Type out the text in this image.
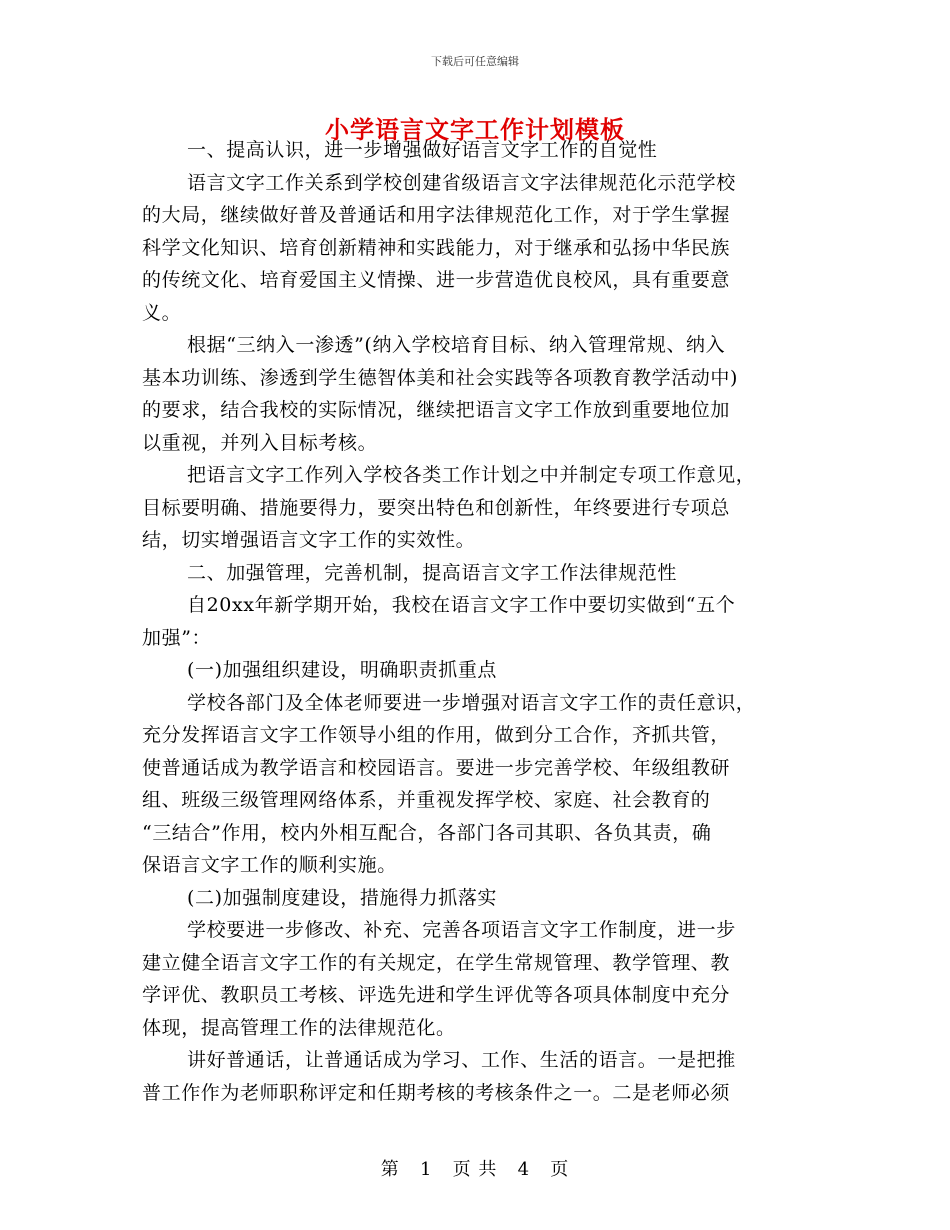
下载后可任意编辑
小学语言文字工作计划模板
一、提高认识，进一步增强做好语言文字工作的自觉性
语言文字工作关系到学校创建省级语言文字法律规范化示范学校
的大局，继续做好普及普通话和用字法律规范化工作，对于学生掌握
科学文化知识、培育创新精神和实践能力，对于继承和弘扬中华民族
的传统文化、培育爱国主义情操、进一步营造优良校风，具有重要意
义。
根据“三纳入一渗透”(纳入学校培育目标、纳入管理常规、纳入
基本功训练、渗透到学生德智体美和社会实践等各项教育教学活动中)
的要求，结合我校的实际情况，继续把语言文字工作放到重要地位加
以重视，并列入目标考核。
把语言文字工作列入学校各类工作计划之中并制定专项工作意见，
目标要明确、措施要得力，要突出特色和创新性，年终要进行专项总
结，切实增强语言文字工作的实效性。
二、加强管理，完善机制，提高语言文字工作法律规范性
自20xx年新学期开始，我校在语言文字工作中要切实做到“五个
加强”：
(一)加强组织建设，明确职责抓重点
学校各部门及全体老师要进一步增强对语言文字工作的责任意识，
充分发挥语言文字工作领导小组的作用，做到分工合作，齐抓共管，
使普通话成为教学语言和校园语言。要进一步完善学校、年级组教研
组、班级三级管理网络体系，并重视发挥学校、家庭、社会教育的
“三结合”作用，校内外相互配合，各部门各司其职、各负其责，确
保语言文字工作的顺利实施。
(二)加强制度建设，措施得力抓落实
学校要进一步修改、补充、完善各项语言文字工作制度，进一步
建立健全语言文字工作的有关规定，在学生常规管理、教学管理、教
学评优、教职员工考核、评选先进和学生评优等各项具体制度中充分
体现，提高管理工作的法律规范化。
讲好普通话，让普通话成为学习、工作、生活的语言。一是把推
普工作作为老师职称评定和任期考核的考核条件之一。二是老师必须
第 1 页 共 4 页
